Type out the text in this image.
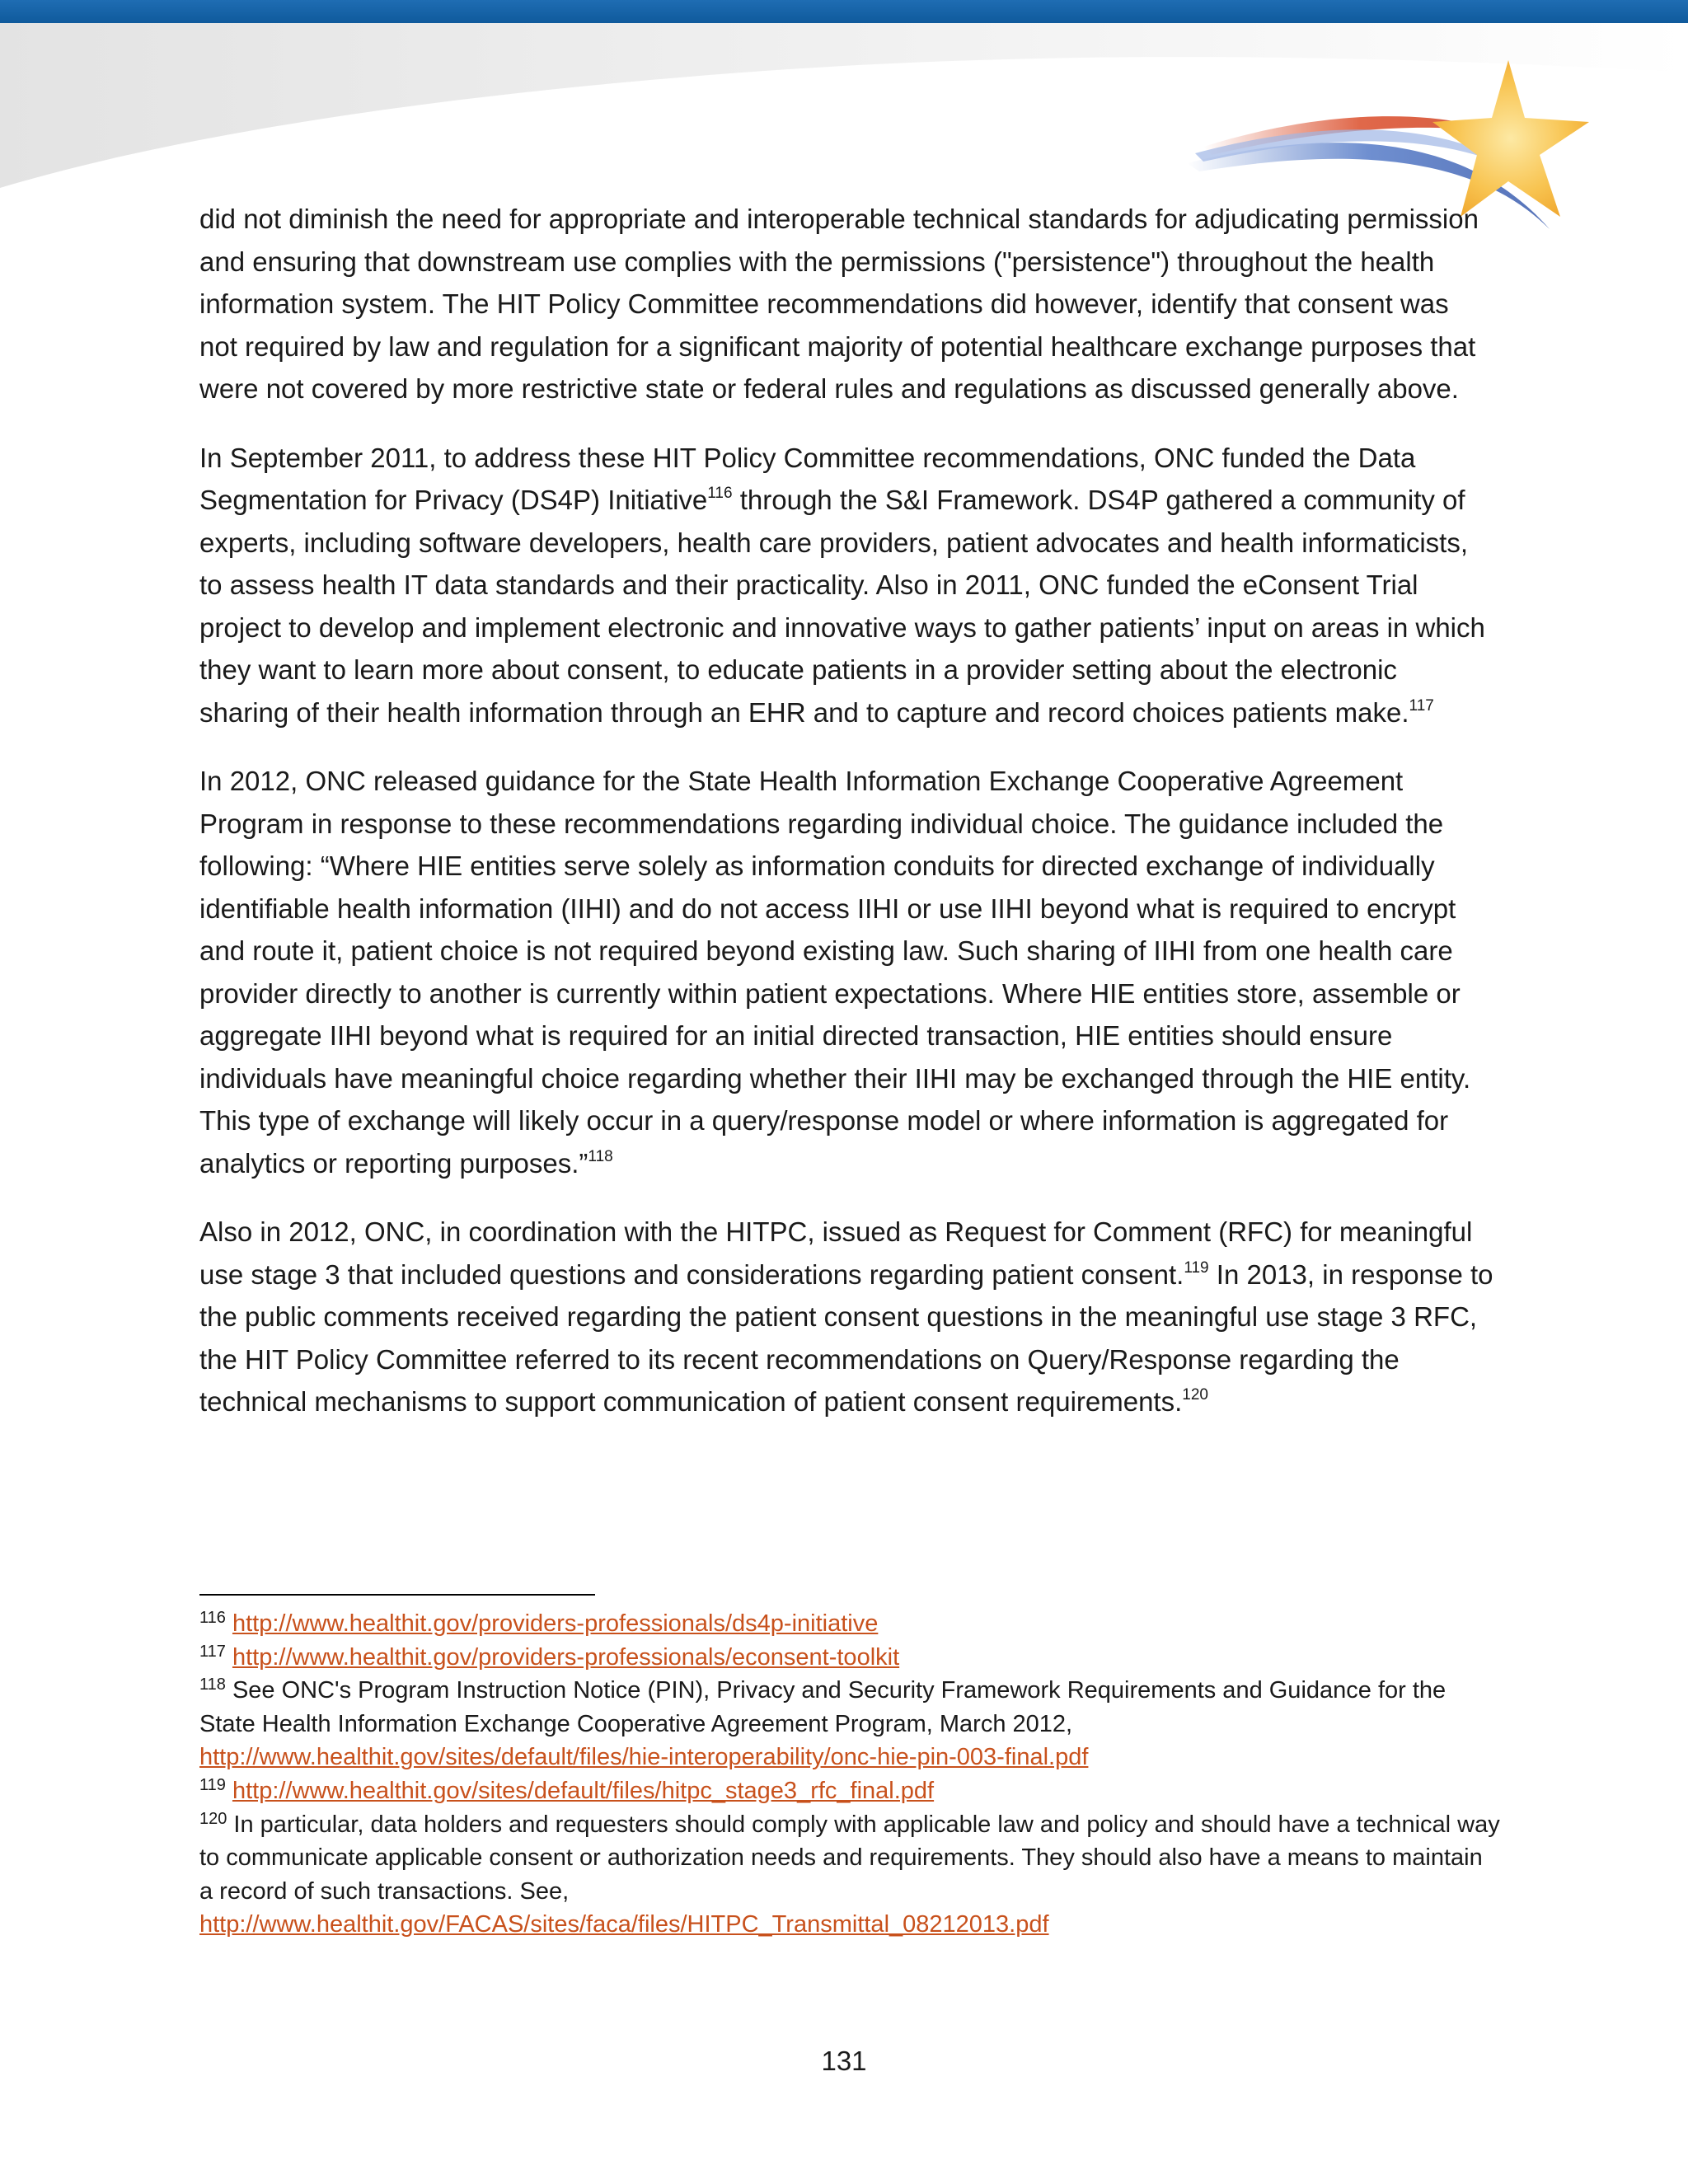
did not diminish the need for appropriate and interoperable technical standards for adjudicating permission and ensuring that downstream use complies with the permissions ("persistence") throughout the health information system. The HIT Policy Committee recommendations did however, identify that consent was not required by law and regulation for a significant majority of potential healthcare exchange purposes that were not covered by more restrictive state or federal rules and regulations as discussed generally above.

In September 2011, to address these HIT Policy Committee recommendations, ONC funded the Data Segmentation for Privacy (DS4P) Initiative$^{116}$ through the S&I Framework. DS4P gathered a community of experts, including software developers, health care providers, patient advocates and health informaticists, to assess health IT data standards and their practicality. Also in 2011, ONC funded the eConsent Trial project to develop and implement electronic and innovative ways to gather patients’ input on areas in which they want to learn more about consent, to educate patients in a provider setting about the electronic sharing of their health information through an EHR and to capture and record choices patients make.$^{117}$

In 2012, ONC released guidance for the State Health Information Exchange Cooperative Agreement Program in response to these recommendations regarding individual choice. The guidance included the following: “Where HIE entities serve solely as information conduits for directed exchange of individually identifiable health information (IIHI) and do not access IIHI or use IIHI beyond what is required to encrypt and route it, patient choice is not required beyond existing law. Such sharing of IIHI from one health care provider directly to another is currently within patient expectations. Where HIE entities store, assemble or aggregate IIHI beyond what is required for an initial directed transaction, HIE entities should ensure individuals have meaningful choice regarding whether their IIHI may be exchanged through the HIE entity. This type of exchange will likely occur in a query/response model or where information is aggregated for analytics or reporting purposes.”$^{118}$

Also in 2012, ONC, in coordination with the HITPC, issued as Request for Comment (RFC) for meaningful use stage 3 that included questions and considerations regarding patient consent.$^{119}$ In 2013, in response to the public comments received regarding the patient consent questions in the meaningful use stage 3 RFC, the HIT Policy Committee referred to its recent recommendations on Query/Response regarding the technical mechanisms to support communication of patient consent requirements.$^{120}$

$^{116}$ http://www.healthit.gov/providers-professionals/ds4p-initiative
$^{117}$ http://www.healthit.gov/providers-professionals/econsent-toolkit
$^{118}$ See ONC's Program Instruction Notice (PIN), Privacy and Security Framework Requirements and Guidance for the State Health Information Exchange Cooperative Agreement Program, March 2012,
http://www.healthit.gov/sites/default/files/hie-interoperability/onc-hie-pin-003-final.pdf
$^{119}$ http://www.healthit.gov/sites/default/files/hitpc_stage3_rfc_final.pdf
$^{120}$ In particular, data holders and requesters should comply with applicable law and policy and should have a technical way to communicate applicable consent or authorization needs and requirements. They should also have a means to maintain a record of such transactions. See,
http://www.healthit.gov/FACAS/sites/faca/files/HITPC_Transmittal_08212013.pdf
131
